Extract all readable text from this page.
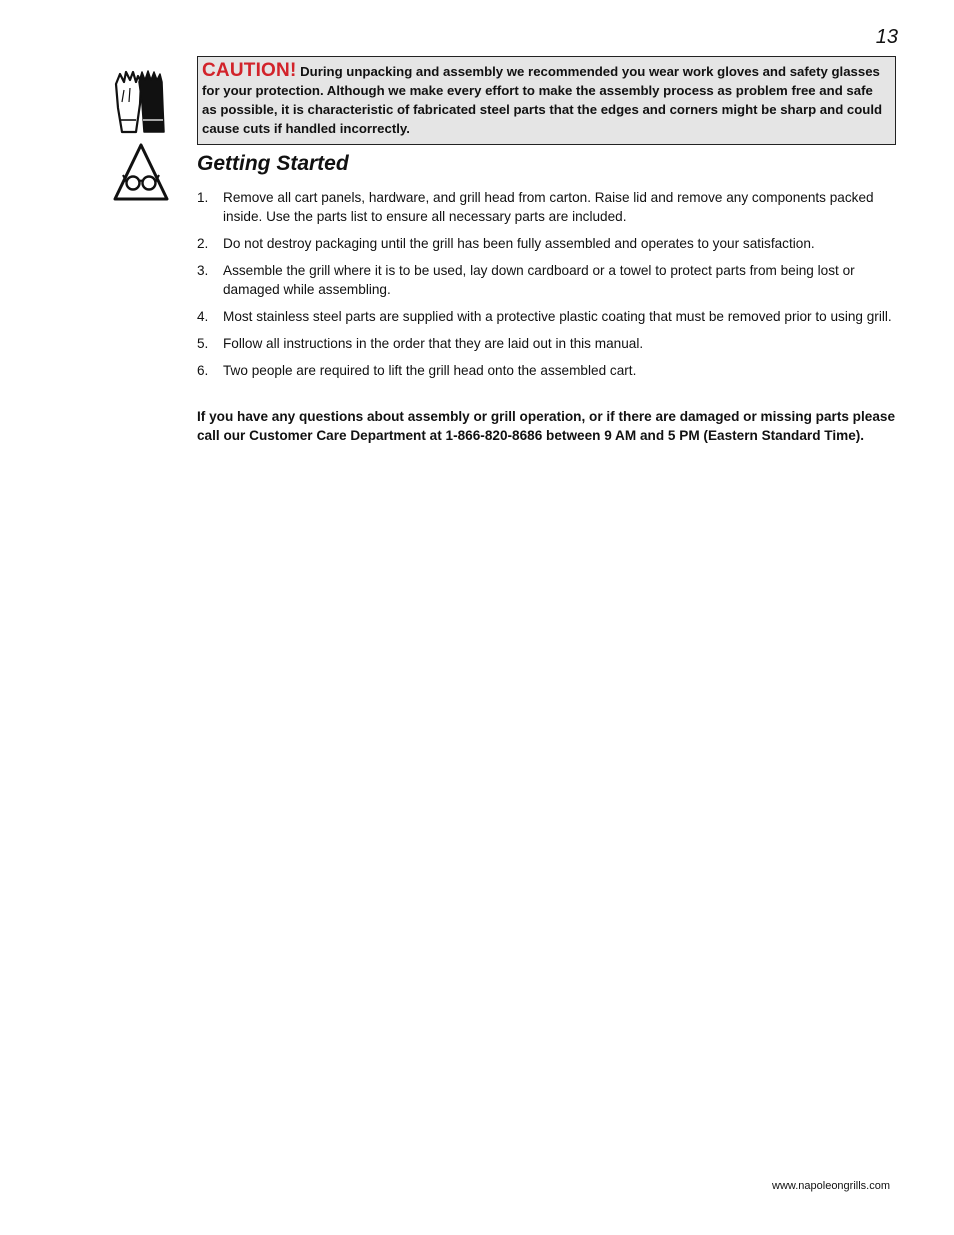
13
CAUTION! During unpacking and assembly we recommended you wear work gloves and safety glasses for your protection. Although we make every effort to make the assembly process as problem free and safe as possible, it is characteristic of fabricated steel parts that the edges and corners might be sharp and could cause cuts if handled incorrectly.
Getting Started
1. Remove all cart panels, hardware, and grill head from carton. Raise lid and remove any components packed inside. Use the parts list to ensure all necessary parts are included.
2. Do not destroy packaging until the grill has been fully assembled and operates to your satisfaction.
3. Assemble the grill where it is to be used, lay down cardboard or a towel to protect parts from being lost or damaged while assembling.
4. Most stainless steel parts are supplied with a protective plastic coating that must be removed prior to using grill.
5. Follow all instructions in the order that they are laid out in this manual.
6. Two people are required to lift the grill head onto the assembled cart.
If you have any questions about assembly or grill operation, or if there are damaged or missing parts please call our Customer Care Department at 1-866-820-8686 between 9 AM and 5 PM (Eastern Standard Time).
www.napoleongrills.com
